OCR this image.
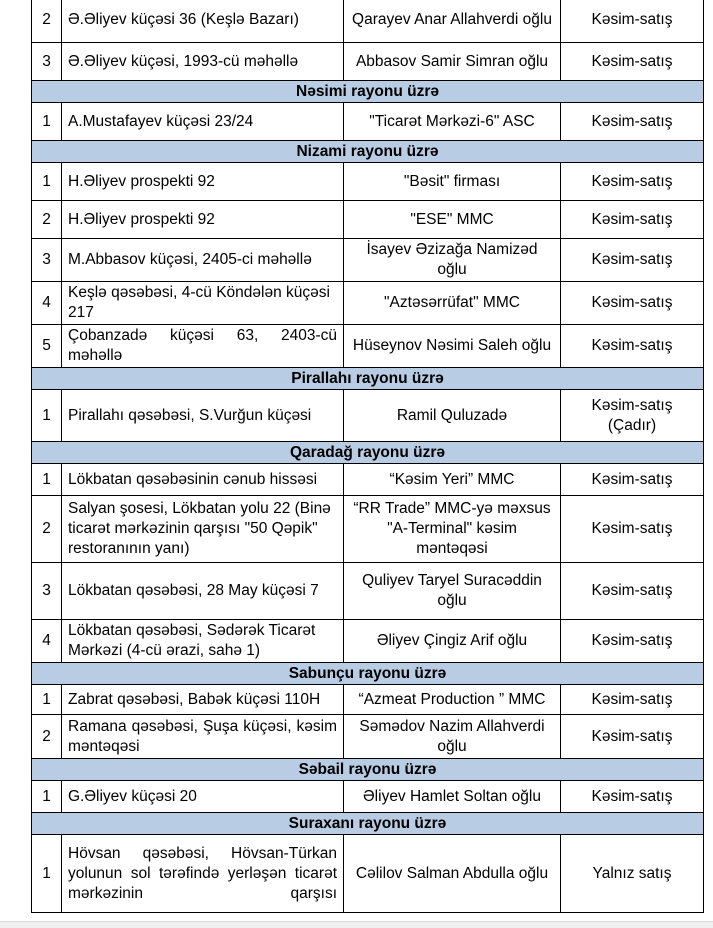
2	Ə.Əliyev küçəsi 36 (Keşlə Bazarı)	Qarayev Anar Allahverdi oğlu	Kəsim-satış
3	Ə.Əliyev küçəsi, 1993-cü məhəllə	Abbasov Samir Simran oğlu	Kəsim-satış
Nəsimi rayonu üzrə			
1	A.Mustafayev küçəsi 23/24	"Ticarət Mərkəzi-6" ASC	Kəsim-satış
Nizami rayonu üzrə			
1	H.Əliyev prospekti 92	"Bəsit" firması	Kəsim-satış
2	H.Əliyev prospekti 92	"ESE" MMC	Kəsim-satış
3	M.Abbasov küçəsi, 2405-ci məhəllə	İsayev Əzizağa Namizəd oğlu	Kəsim-satış
4	Keşlə qəsəbəsi, 4-cü Köndələn küçəsi 217	"Aztəsərrüfat" MMC	Kəsim-satış
5	Çobanzadə küçəsi 63, 2403-cü məhəllə	Hüseynov Nəsimi Saleh oğlu	Kəsim-satış
Pirallahı rayonu üzrə			
1	Pirallahı qəsəbəsi, S.Vurğun küçəsi	Ramil Quluzadə	Kəsim-satış (Çadır)
Qaradağ rayonu üzrə			
1	Lökbatan qəsəbəsinin cənub hissəsi	“Kəsim Yeri” MMC	Kəsim-satış
2	Salyan şosesi, Lökbatan yolu 22 (Binə ticarət mərkəzinin qarşısı "50 Qəpik" restoranının yanı)	“RR Trade” MMC-yə məxsus "A-Terminal" kəsim məntəqəsi	Kəsim-satış
3	Lökbatan qəsəbəsi, 28 May küçəsi 7	Quliyev Taryel Suracəddin oğlu	Kəsim-satış
4	Lökbatan qəsəbəsi, Sədərək Ticarət Mərkəzi (4-cü ərazi, sahə 1)	Əliyev Çingiz Arif oğlu	Kəsim-satış
Sabunçu rayonu üzrə			
1	Zabrat qəsəbəsi, Babək küçəsi 110H	“Azmeat Production ” MMC	Kəsim-satış
2	Ramana qəsəbəsi, Şuşa küçəsi, kəsim məntəqəsi	Səmədov Nazim Allahverdi oğlu	Kəsim-satış
Səbail rayonu üzrə			
1	G.Əliyev küçəsi 20	Əliyev Hamlet Soltan oğlu	Kəsim-satış
Suraxanı rayonu üzrə			
1	Hövsan qəsəbəsi, Hövsan-Türkan yolunun sol tərəfində yerləşən ticarət mərkəzinin qarşısı	Cəlilov Salman Abdulla oğlu	Yalnız satış
